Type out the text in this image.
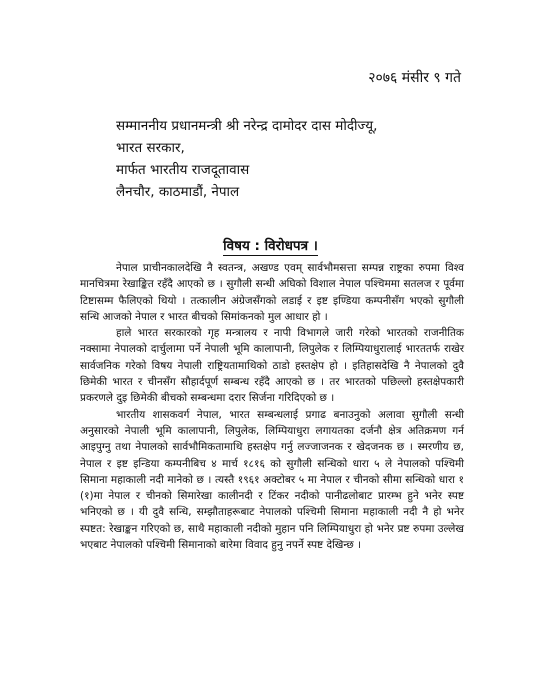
२०७६ मंसीर ९ गते
सम्माननीय प्रधानमन्त्री श्री नरेन्द्र दामोदर दास मोदीज्यू,
भारत सरकार,
मार्फत भारतीय राजदूतावास
लैनचौर, काठमाडौं, नेपाल
विषय : विरोधपत्र ।

नेपाल प्राचीनकालदेखि नै स्वतन्त्र, अखण्ड एवम् सार्वभौमसत्ता सम्पन्न राष्ट्रका रुपमा विश्व मानचित्रमा रेखाङ्कित रहँदै आएको छ । सुगौली सन्धी अघिको विशाल नेपाल पश्चिममा सतलज र पूर्वमा टिष्टासम्म फैलिएको थियो । तत्कालीन अंग्रेजसँगको लडाई र इष्ट इण्डिया कम्पनीसँग भएको सुगौली सन्धि आजको नेपाल र भारत बीचको सिमांकनको मुल आधार हो ।

हाले भारत सरकारको गृह मन्त्रालय र नापी विभागले जारी गरेको भारतको राजनीतिक नक्सामा नेपालको दार्चुलामा पर्ने नेपाली भूमि कालापानी, लिपुलेक र लिम्पियाधुरालाई भारततर्फ राखेर सार्वजनिक गरेको विषय नेपाली राष्ट्रियतामाथिको ठाडो हस्तक्षेप हो । इतिहासदेखि नै नेपालको दुवै छिमेकी भारत र चीनसँग सौहार्दपूर्ण सम्बन्ध रहँदै आएको छ । तर भारतको पछिल्लो हस्तक्षेपकारी प्रकरणले दुइ छिमेकी बीचको सम्बन्धमा दरार सिर्जना गरिदिएको छ ।

भारतीय शासकवर्ग नेपाल, भारत सम्बन्धलाई प्रगाढ बनाउनुको अलावा सुगौली सन्धी अनुसारको नेपाली भूमि कालापानी, लिपुलेक, लिम्पियाधुरा लगायतका दर्जनौ क्षेत्र अतिक्रमण गर्न आइपुग्नु तथा नेपालको सार्वभौमिकतामाथि हस्तक्षेप गर्नु लज्जाजनक र खेदजनक छ । स्मरणीय छ, नेपाल र इष्ट इन्डिया कम्पनीबिच ४ मार्च १८१६ को सुगौली सन्धिको धारा ५ ले नेपालको पश्चिमी सिमाना महाकाली नदी मानेको छ । त्यस्तै १९६१ अक्टोबर ५ मा नेपाल र चीनको सीमा सन्धिको धारा १ (१)मा नेपाल र चीनको सिमारेखा कालीनदी र टिंकर नदीको पानीढलोबाट प्रारम्भ हुने भनेर स्पष्ट भनिएको छ । यी दुवै सन्धि, सम्झौताहरूबाट नेपालको पश्चिमी सिमाना महाकाली नदी नै हो भनेर स्पष्टत: रेखाङ्कन गरिएको छ, साथै महाकाली नदीको मुहान पनि लिम्पियाधुरा हो भनेर प्रष्ट रुपमा उल्लेख भएबाट नेपालको पश्चिमी सिमानाको बारेमा विवाद हुनु नपर्ने स्पष्ट देखिन्छ ।
